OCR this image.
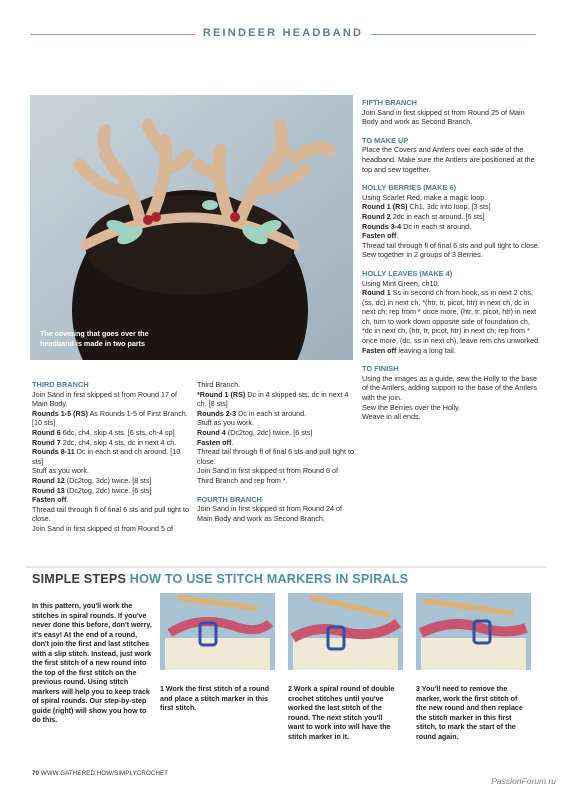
REINDEER HEADBAND
The covering that goes over the headband is made in two parts

FIFTH BRANCH

Join Sand in first skipped st from Round 25 of Main Body and work as Second Branch.

TO MAKE UP

Place the Covers and Antlers over each side of the headband. Make sure the Antlers are positioned at the top and sew together.

HOLLY BERRIES (MAKE 6)

Using Scarlet Red, make a magic loop.

Round 1 (RS) Ch1, 3dc into loop. [3 sts]

Round 2 2dc in each st around. [6 sts]

Rounds 3-4 Dc in each st around.

Fasten off.

Thread tail through fl of final 6 sts and pull tight to close.

Sew together in 2 groups of 3 Berries.

HOLLY LEAVES (MAKE 4)

Using Mint Green, ch10.

Round 1 Ss in second ch from hook, ss in next 2 chs, (ss, dc) in next ch, *(htr, tr, picot, htr) in next ch, dc in next ch; rep from * once more, (htr, tr, picot, htr) in next ch, turn to work down opposite side of foundation ch, *dc in next ch, (htr, tr, picot, htr) in next ch; rep from * once more, (dc, ss in next ch), leave rem chs unworked.

Fasten off leaving a long tail.

TO FINISH

Using the images as a guide, sew the Holly to the base of the Antlers, adding support to the base of the Antlers with the join.

Sew the Berries over the Holly.

Weave in all ends.

THIRD BRANCH

Join Sand in first skipped st from Round 17 of Main Body.

Rounds 1-5 (RS) As Rounds 1-5 of First Branch. [10 sts]

Round 6 6dc, ch4, skip 4 sts. [6 sts, ch-4 sp]

Round 7 2dc, ch4, skip 4 sts, dc in next 4 ch.

Rounds 8-11 Dc in each st and ch around. [10 sts]

Stuff as you work.

Round 12 (Dc2tog, 3dc) twice. [8 sts]

Round 13 (Dc2tog, 2dc) twice. [6 sts]

Fasten off.

Thread tail through fl of final 6 sts and pull tight to close.

Join Sand in first skipped st from Round 5 of

Third Branch.

*Round 1 (RS) Dc in 4 skipped sts, dc in next 4 ch. [8 sts]

Rounds 2-3 Dc in each st around.

Stuff as you work.

Round 4 (Dc2tog, 2dc) twice. [6 sts]

Fasten off.

Thread tail through fl of final 6 sts and pull tight to close.

Join Sand in first skipped st from Round 6 of Third Branch and rep from *.

FOURTH BRANCH

Join Sand in first skipped st from Round 24 of Main Body and work as Second Branch.

SIMPLE STEPS HOW TO USE STITCH MARKERS IN SPIRALS
In this pattern, you'll work the stitches in spiral rounds. If you've never done this before, don't worry, it's easy! At the end of a round, don't join the first and last stitches with a slip stitch. Instead, just work the first stitch of a new round into the top of the first stitch on the previous round. Using stitch markers will help you to keep track of spiral rounds. Our step-by-step guide (right) will show you how to do this.
1 Work the first stitch of a round and place a stitch marker in this first stitch.
2 Work a spiral round of double crochet stitches until you've worked the last stitch of the round. The next stitch you'll want to work into will have the stitch marker in it.
3 You'll need to remove the marker, work the first stitch of the new round and then replace the stitch marker in this first stitch, to mark the start of the round again.
70 WWW.GATHERED.HOW/SIMPLYCROCHET
PassionForum.ru
